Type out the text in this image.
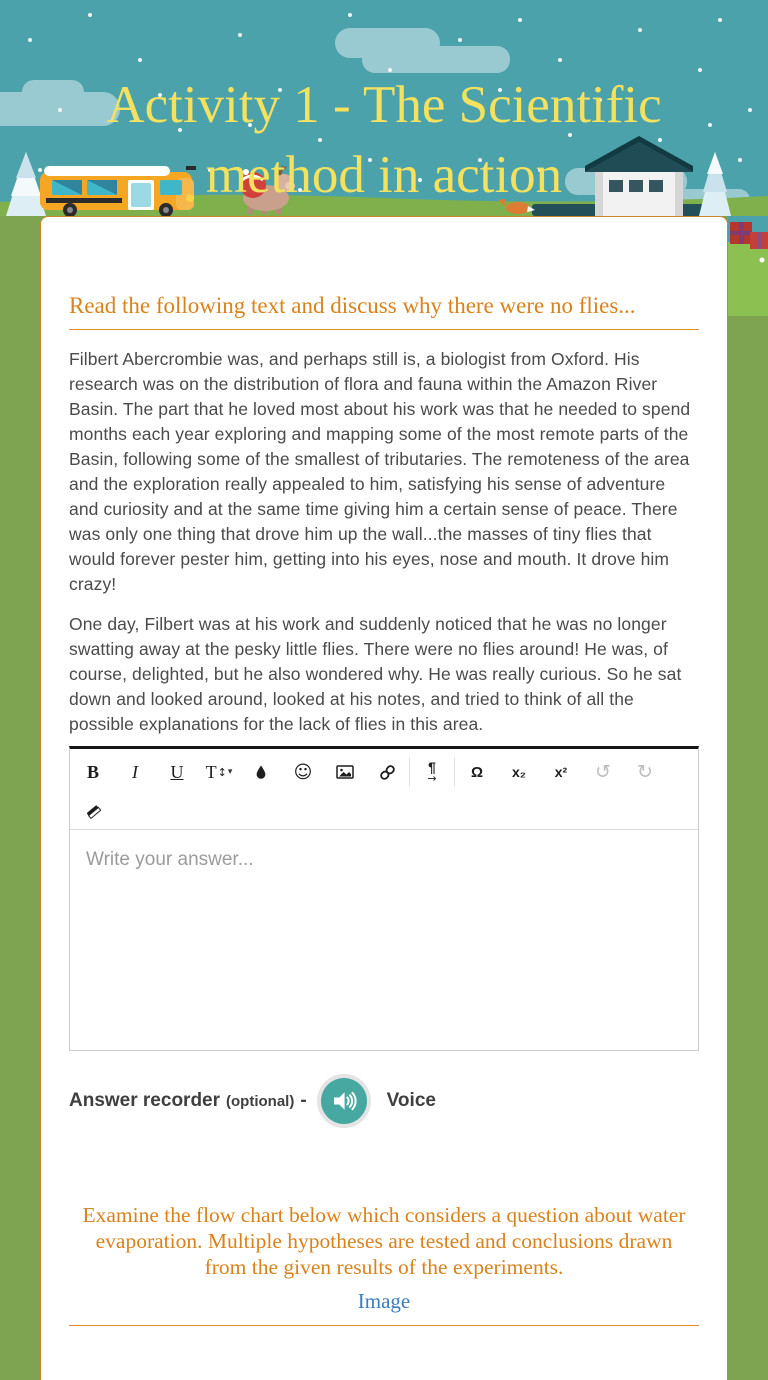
Activity 1 - The Scientific method in action
Read the following text and discuss why there were no flies...

Filbert Abercrombie was, and perhaps still is, a biologist from Oxford. His research was on the distribution of flora and fauna within the Amazon River Basin. The part that he loved most about his work was that he needed to spend months each year exploring and mapping some of the most remote parts of the Basin, following some of the smallest of tributaries. The remoteness of the area and the exploration really appealed to him, satisfying his sense of adventure and curiosity and at the same time giving him a certain sense of peace. There was only one thing that drove him up the wall...the masses of tiny flies that would forever pester him, getting into his eyes, nose and mouth. It drove him crazy!

One day, Filbert was at his work and suddenly noticed that he was no longer swatting away at the pesky little flies. There were no flies around! He was, of course, delighted, but he also wondered why. He was really curious. So he sat down and looked around, looked at his notes, and tried to think of all the possible explanations for the lack of flies in this area.

B I U T ↕ ▾	☺	¶
→ Ω x₂ x² ↺ ↻
Write your answer...
Answer recorder (optional) -	Voice
Examine the flow chart below which considers a question about water evaporation. Multiple hypotheses are tested and conclusions drawn from the given results of the experiments.
Image
